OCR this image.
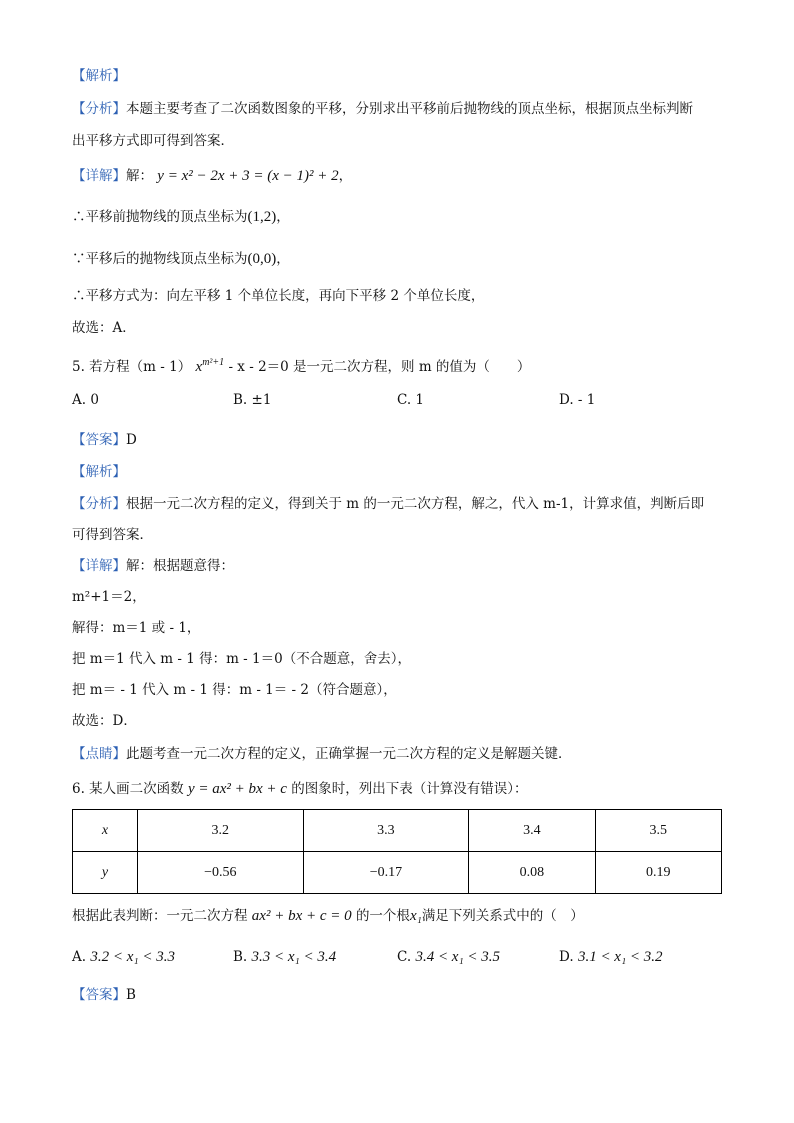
【解析】
【分析】本题主要考查了二次函数图象的平移，分别求出平移前后抛物线的顶点坐标，根据顶点坐标判断
出平移方式即可得到答案．
【详解】解： y = x² − 2x + 3 = (x − 1)² + 2，
∴平移前抛物线的顶点坐标为(1,2)，
∵平移后的抛物线顶点坐标为(0,0)，
∴平移方式为：向左平移 1 个单位长度，再向下平移 2 个单位长度，
故选：A．
5. 若方程（m - 1） $x^{m^2+1} - x - 2=0$ 是一元二次方程，则 m 的值为（　　）
A. 0	B. ±1	C. 1	D. - 1
【答案】D
【解析】
【分析】根据一元二次方程的定义，得到关于 m 的一元二次方程，解之，代入 m-1，计算求值，判断后即
可得到答案．
【详解】解：根据题意得：
m²+1＝2，
解得：m＝1 或 - 1，
把 m＝1 代入 m - 1 得：m - 1＝0（不合题意，舍去），
把 m＝ - 1 代入 m - 1 得：m - 1＝ - 2（符合题意），
故选：D．
【点睛】此题考查一元二次方程的定义，正确掌握一元二次方程的定义是解题关键．
6. 某人画二次函数 y = ax² + bx + c 的图象时，列出下表（计算没有错误）：
x	3.2	3.3	3.4	3.5
y	−0.56	−0.17	0.08	0.19
根据此表判断：一元二次方程 ax² + bx + c = 0 的一个根x₁满足下列关系式中的（　）
A. 3.2 < x₁ < 3.3	B. 3.3 < x₁ < 3.4	C. 3.4 < x₁ < 3.5	D. 3.1 < x₁ < 3.2
【答案】B
